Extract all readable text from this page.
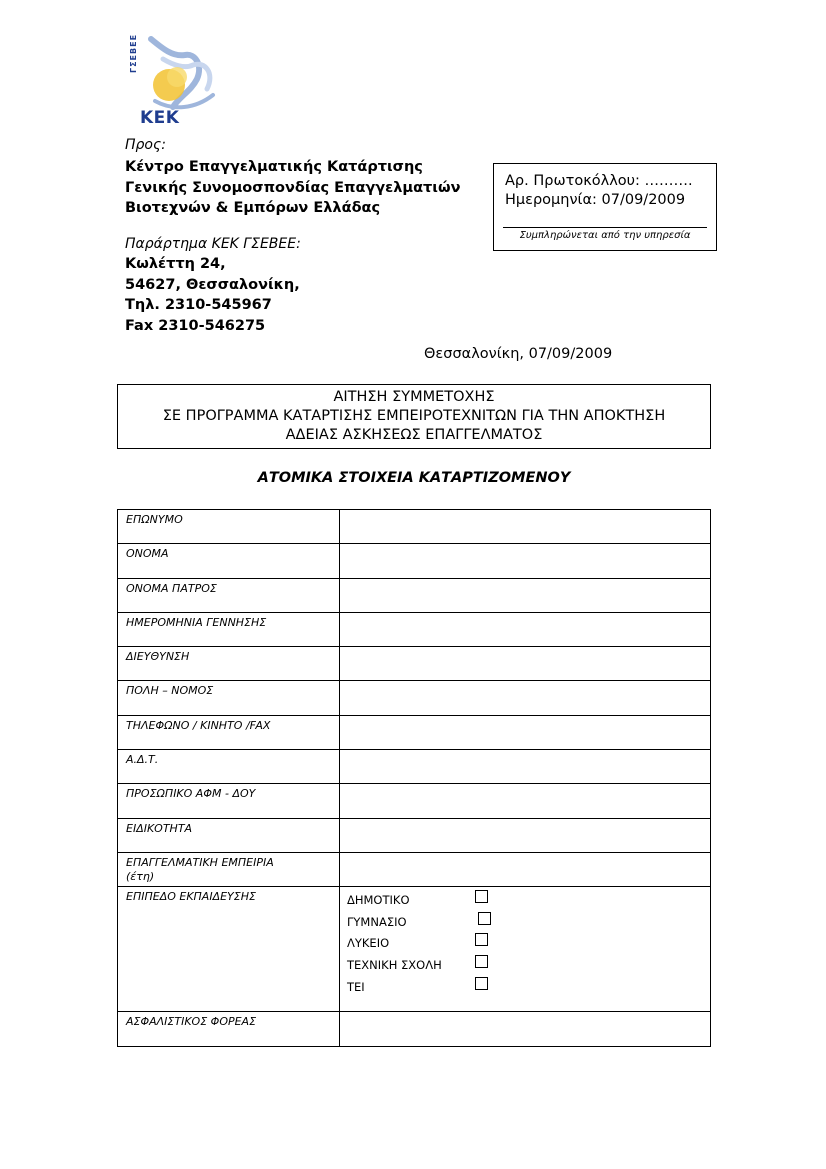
ΓΣΕΒΕΕ
ΚΕΚ
Προς:
Κέντρο Επαγγελματικής Κατάρτισης
Γενικής Συνομοσπονδίας Επαγγελματιών
Βιοτεχνών & Εμπόρων Ελλάδας
Παράρτημα ΚΕΚ ΓΣΕΒΕΕ:
Κωλέττη 24,
54627, Θεσσαλονίκη,
Τηλ. 2310-545967
Fax 2310-546275
Αρ. Πρωτοκόλλου: ……….
Ημερομηνία: 07/09/2009
Συμπληρώνεται από την υπηρεσία
Θεσσαλονίκη, 07/09/2009
ΑΙΤΗΣΗ ΣΥΜΜΕΤΟΧΗΣ
ΣΕ ΠΡΟΓΡΑΜΜΑ ΚΑΤΑΡΤΙΣΗΣ ΕΜΠΕΙΡΟΤΕΧΝΙΤΩΝ ΓΙΑ ΤΗΝ ΑΠΟΚΤΗΣΗ
ΑΔΕΙΑΣ ΑΣΚΗΣΕΩΣ ΕΠΑΓΓΕΛΜΑΤΟΣ
ΑΤΟΜΙΚΑ ΣΤΟΙΧΕΙΑ ΚΑΤΑΡΤΙΖΟΜΕΝΟΥ
ΕΠΩΝΥΜΟ	
ΟΝΟΜΑ	
ΟΝΟΜΑ ΠΑΤΡΟΣ	
ΗΜΕΡΟΜΗΝΙΑ ΓΕΝΝΗΣΗΣ	
ΔΙΕΥΘΥΝΣΗ	
ΠΟΛΗ – ΝΟΜΟΣ	
ΤΗΛΕΦΩΝΟ / ΚΙΝΗΤΟ /FAX	
Α.Δ.Τ.	
ΠΡΟΣΩΠΙΚΟ ΑΦΜ - ΔΟΥ	
ΕΙΔΙΚΟΤΗΤΑ	

ΕΠΑΓΓΕΛΜΑΤΙΚΗ ΕΜΠΕΙΡΙΑ
(έτη)	

ΕΠΙΠΕΔΟ ΕΚΠΑΙΔΕΥΣΗΣ	ΔΗΜΟΤΙΚΟ
ΓΥΜΝΑΣΙΟ
ΛΥΚΕΙΟ
ΤΕΧΝΙΚΗ ΣΧΟΛΗ
ΤΕΙ

ΑΣΦΑΛΙΣΤΙΚΟΣ ΦΟΡΕΑΣ	
